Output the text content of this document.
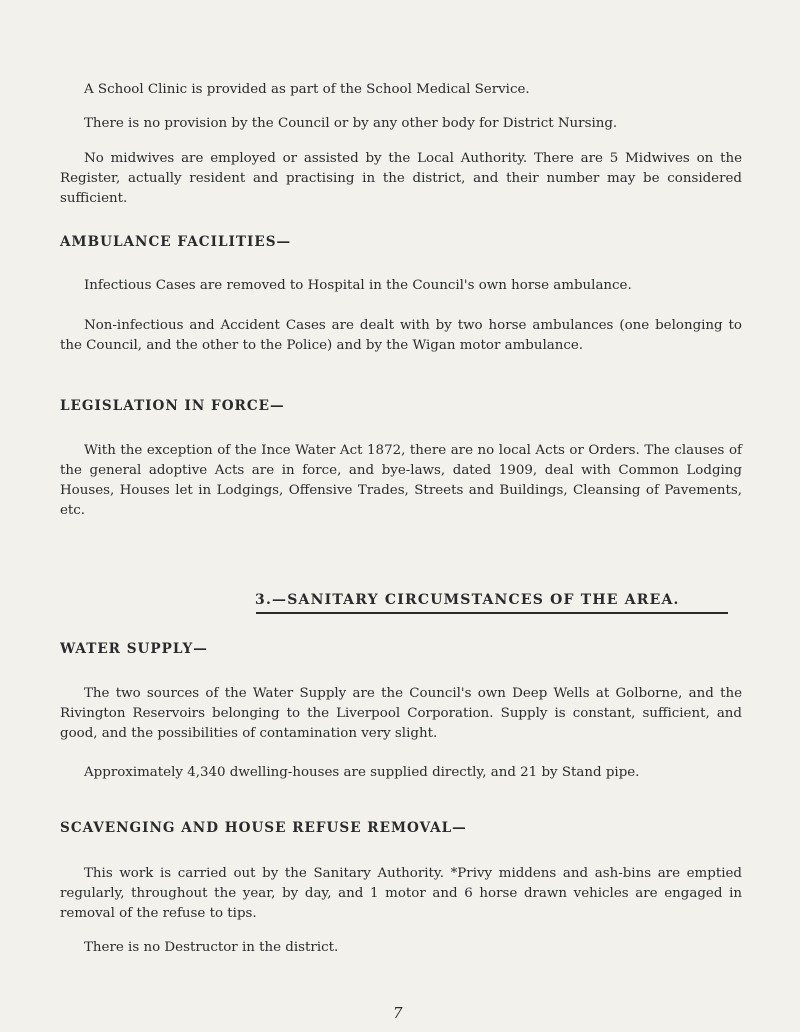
A School Clinic is provided as part of the School Medical Service.

There is no provision by the Council or by any other body for District Nursing.

No midwives are employed or assisted by the Local Authority. There are 5 Midwives on the Register, actually resident and practising in the district, and their number may be considered sufficient.

AMBULANCE FACILITIES—

Infectious Cases are removed to Hospital in the Council's own horse ambulance.

Non-infectious and Accident Cases are dealt with by two horse ambulances (one belonging to the Council, and the other to the Police) and by the Wigan motor ambulance.

LEGISLATION IN FORCE—

With the exception of the Ince Water Act 1872, there are no local Acts or Orders. The clauses of the general adoptive Acts are in force, and bye-laws, dated 1909, deal with Common Lodging Houses, Houses let in Lodgings, Offensive Trades, Streets and Buildings, Cleansing of Pavements, etc.

3.—SANITARY CIRCUMSTANCES OF THE AREA.
WATER SUPPLY—

The two sources of the Water Supply are the Council's own Deep Wells at Golborne, and the Rivington Reservoirs belonging to the Liverpool Corporation. Supply is constant, sufficient, and good, and the possibilities of contamination very slight.

Approximately 4,340 dwelling-houses are supplied directly, and 21 by Stand pipe.

SCAVENGING AND HOUSE REFUSE REMOVAL—

This work is carried out by the Sanitary Authority. *Privy middens and ash-bins are emptied regularly, throughout the year, by day, and 1 motor and 6 horse drawn vehicles are engaged in removal of the refuse to tips.

There is no Destructor in the district.

7
